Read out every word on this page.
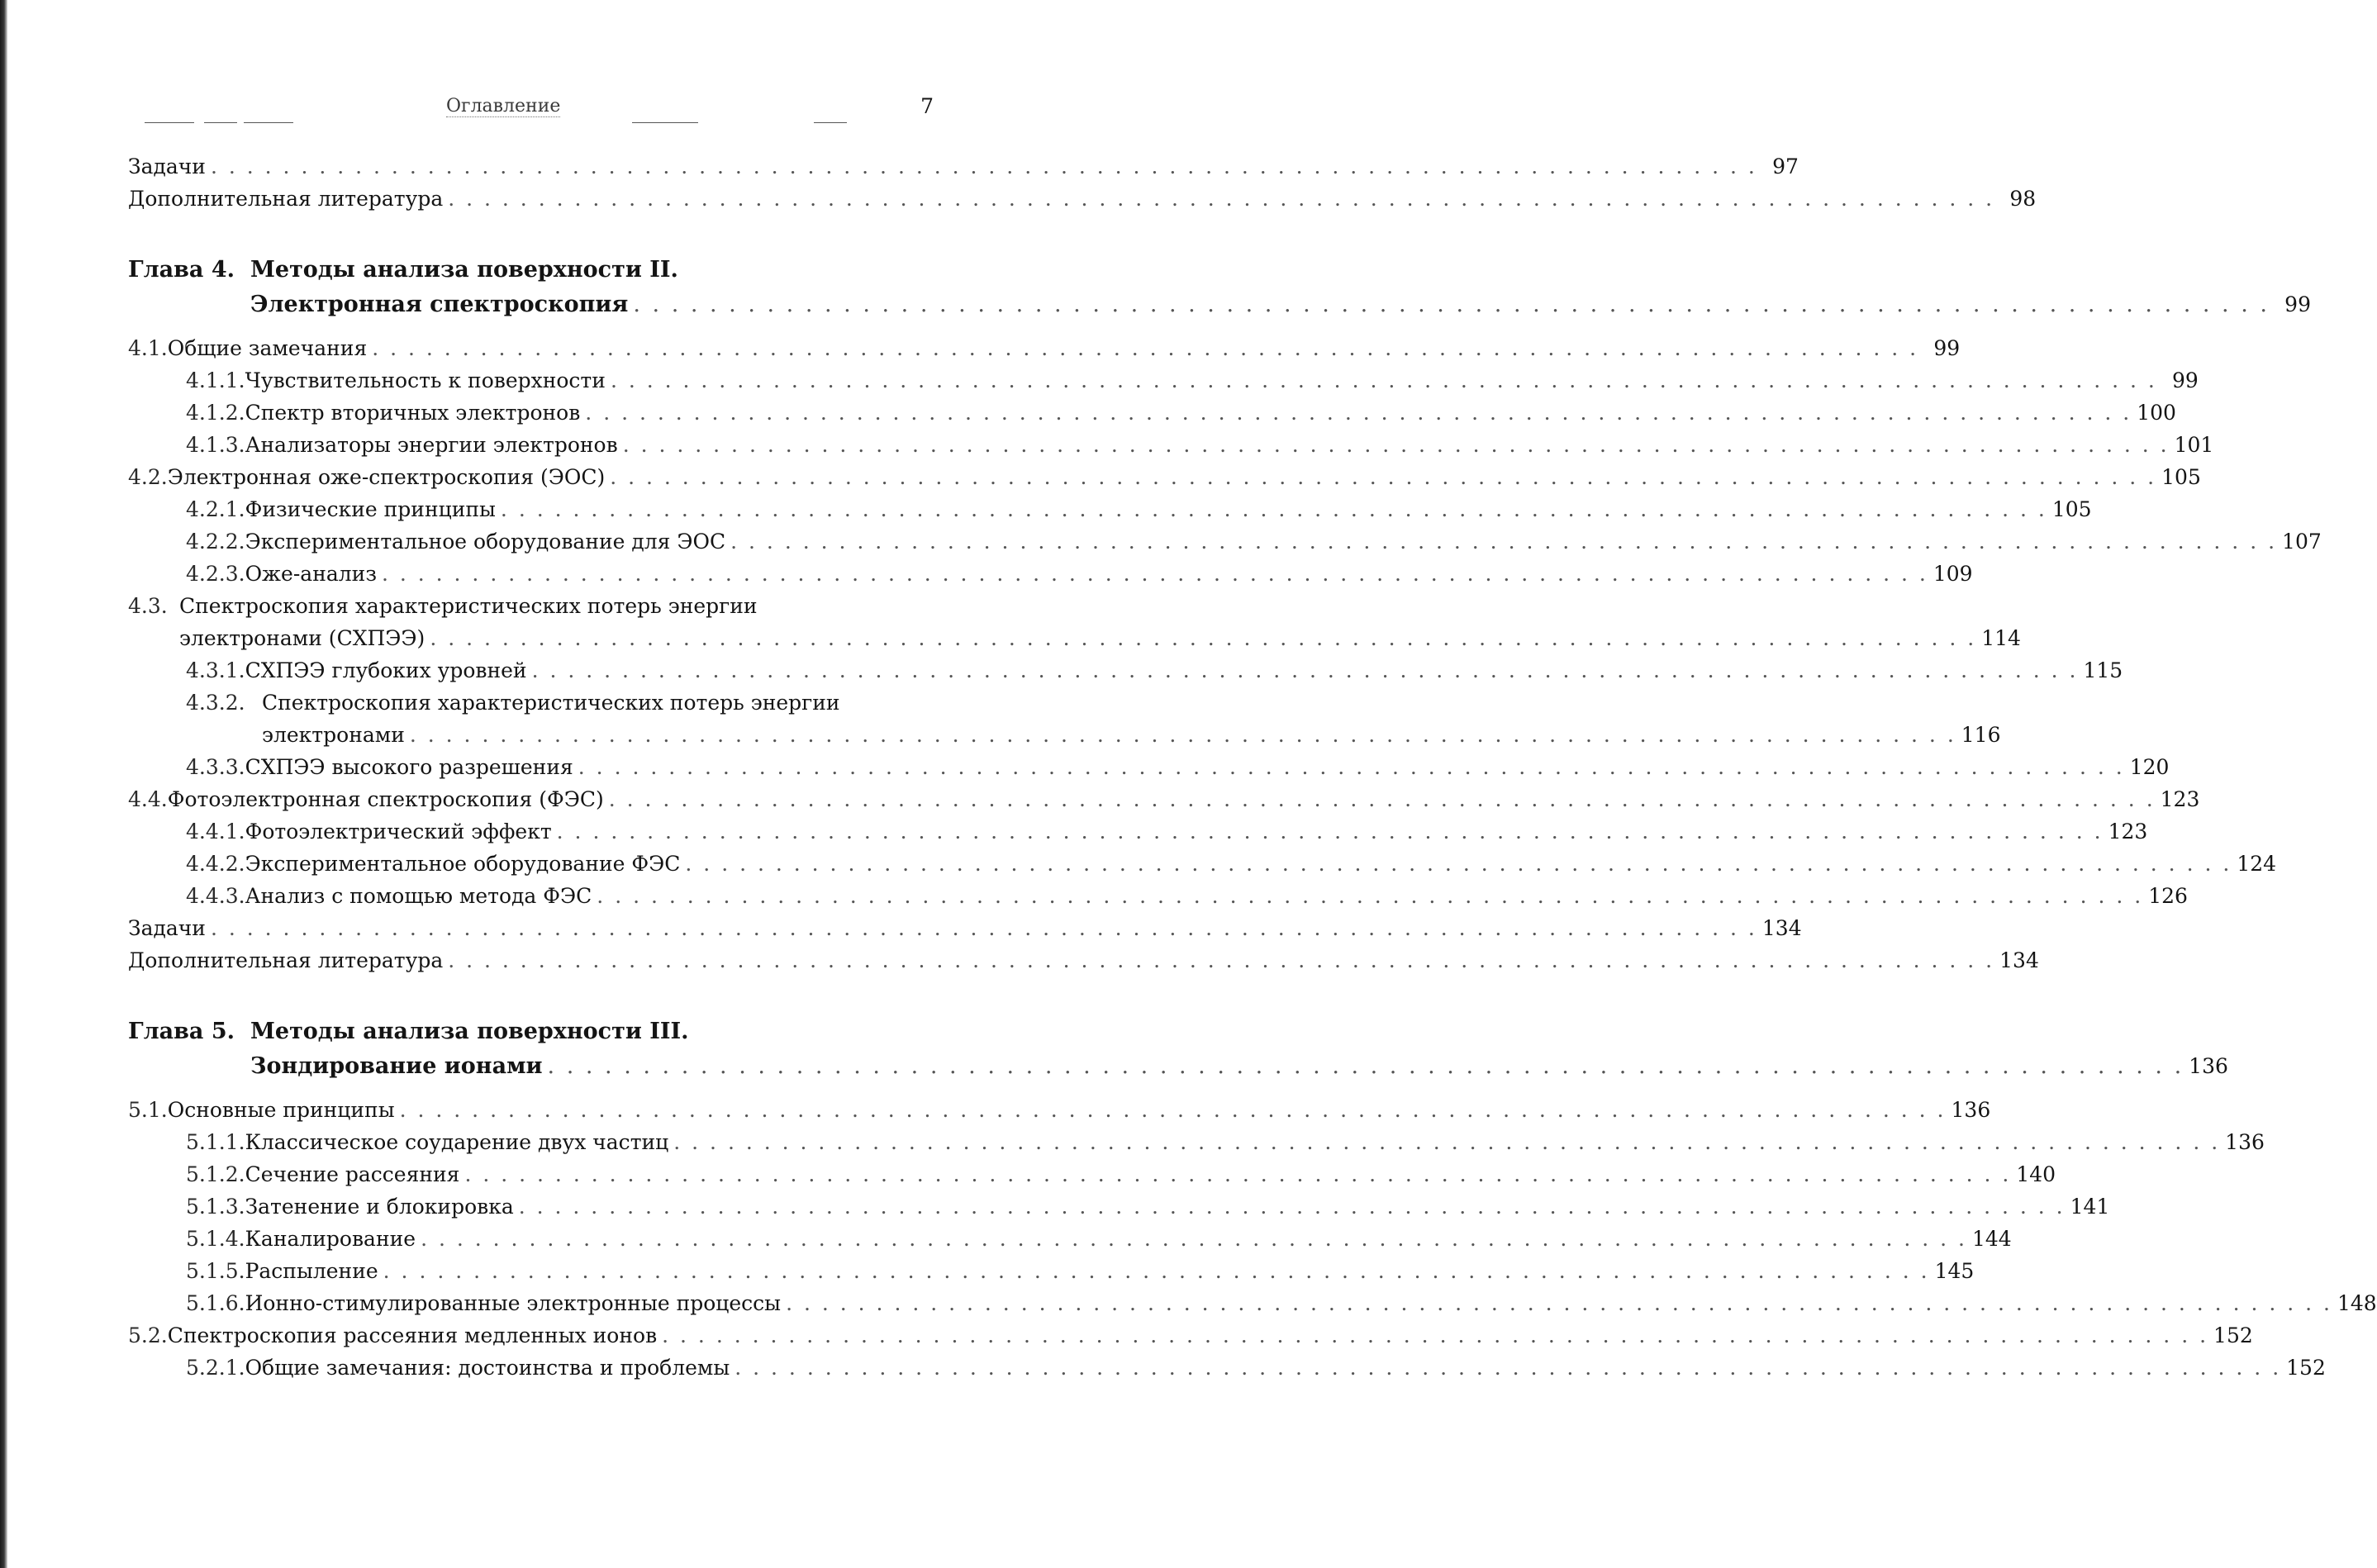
Оглавление	7
Задачи . . .	97
Дополнительная литература . . .	98
Глава 4. Методы анализа поверхности II.
Электронная спектроскопия . . .	99
4.1. Общие замечания . . .	99
4.1.1. Чувствительность к поверхности . . .	99
4.1.2. Спектр вторичных электронов . . .	100
4.1.3. Анализаторы энергии электронов . . .	101
4.2. Электронная оже-спектроскопия (ЭОС) . . .	105
4.2.1. Физические принципы . . .	105
4.2.2. Экспериментальное оборудование для ЭОС . . .	107
4.2.3. Оже-анализ . . .	109
4.3. Спектроскопия характеристических потерь энергии
электронами (СХПЭЭ) . . .	114
4.3.1. СХПЭЭ глубоких уровней . . .	115
4.3.2. Спектроскопия характеристических потерь энергии
электронами . . .	116
4.3.3. СХПЭЭ высокого разрешения . . .	120
4.4. Фотоэлектронная спектроскопия (ФЭС) . . .	123
4.4.1. Фотоэлектрический эффект . . .	123
4.4.2. Экспериментальное оборудование ФЭС . . .	124
4.4.3. Анализ с помощью метода ФЭС . . .	126
Задачи . . .	134
Дополнительная литература . . .	134
Глава 5. Методы анализа поверхности III.
Зондирование ионами . . .	136
5.1. Основные принципы . . .	136
5.1.1. Классическое соударение двух частиц . . .	136
5.1.2. Сечение рассеяния . . .	140
5.1.3. Затенение и блокировка . . .	141
5.1.4. Каналирование . . .	144
5.1.5. Распыление . . .	145
5.1.6. Ионно-стимулированные электронные процессы . . .	148
5.2. Спектроскопия рассеяния медленных ионов . . .	152
5.2.1. Общие замечания: достоинства и проблемы . . .	152
